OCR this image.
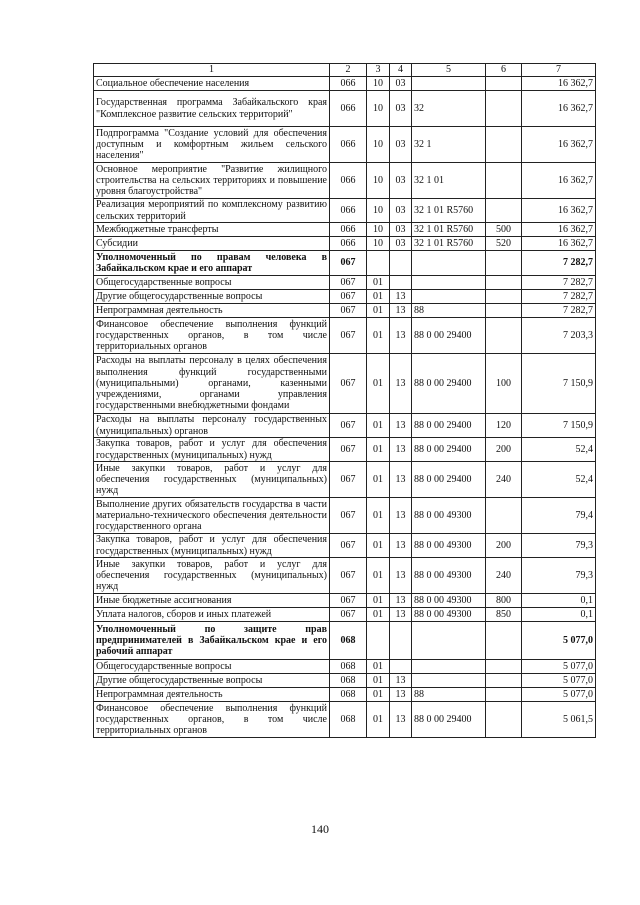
1	2	3	4	5	6	7
Социальное обеспечение населения	066	10	03			16 362,7
Государственная программа Забайкальского края "Комплексное развитие сельских территорий"	066	10	03	32		16 362,7
Подпрограмма "Создание условий для обеспечения доступным и комфортным жильем сельского населения"	066	10	03	32 1		16 362,7
Основное мероприятие "Развитие жилищного строительства на сельских территориях и повышение уровня благоустройства"	066	10	03	32 1 01		16 362,7
Реализация мероприятий по комплексному развитию сельских территорий	066	10	03	32 1 01 R5760		16 362,7
Межбюджетные трансферты	066	10	03	32 1 01 R5760	500	16 362,7
Субсидии	066	10	03	32 1 01 R5760	520	16 362,7
Уполномоченный по правам человека в Забайкальском крае и его аппарат	067					7 282,7
Общегосударственные вопросы	067	01				7 282,7
Другие общегосударственные вопросы	067	01	13			7 282,7
Непрограммная деятельность	067	01	13	88		7 282,7
Финансовое обеспечение выполнения функций государственных органов, в том числе территориальных органов	067	01	13	88 0 00 29400		7 203,3
Расходы на выплаты персоналу в целях обеспечения выполнения функций государственными (муниципальными) органами, казенными учреждениями, органами управления государственными внебюджетными фондами	067	01	13	88 0 00 29400	100	7 150,9
Расходы на выплаты персоналу государственных (муниципальных) органов	067	01	13	88 0 00 29400	120	7 150,9
Закупка товаров, работ и услуг для обеспечения государственных (муниципальных) нужд	067	01	13	88 0 00 29400	200	52,4
Иные закупки товаров, работ и услуг для обеспечения государственных (муниципальных) нужд	067	01	13	88 0 00 29400	240	52,4
Выполнение других обязательств государства в части материально-технического обеспечения деятельности государственного органа	067	01	13	88 0 00 49300		79,4
Закупка товаров, работ и услуг для обеспечения государственных (муниципальных) нужд	067	01	13	88 0 00 49300	200	79,3
Иные закупки товаров, работ и услуг для обеспечения государственных (муниципальных) нужд	067	01	13	88 0 00 49300	240	79,3
Иные бюджетные ассигнования	067	01	13	88 0 00 49300	800	0,1
Уплата налогов, сборов и иных платежей	067	01	13	88 0 00 49300	850	0,1
Уполномоченный по защите прав предпринимателей в Забайкальском крае и его рабочий аппарат	068					5 077,0
Общегосударственные вопросы	068	01				5 077,0
Другие общегосударственные вопросы	068	01	13			5 077,0
Непрограммная деятельность	068	01	13	88		5 077,0
Финансовое обеспечение выполнения функций государственных органов, в том числе территориальных органов	068	01	13	88 0 00 29400		5 061,5
140
